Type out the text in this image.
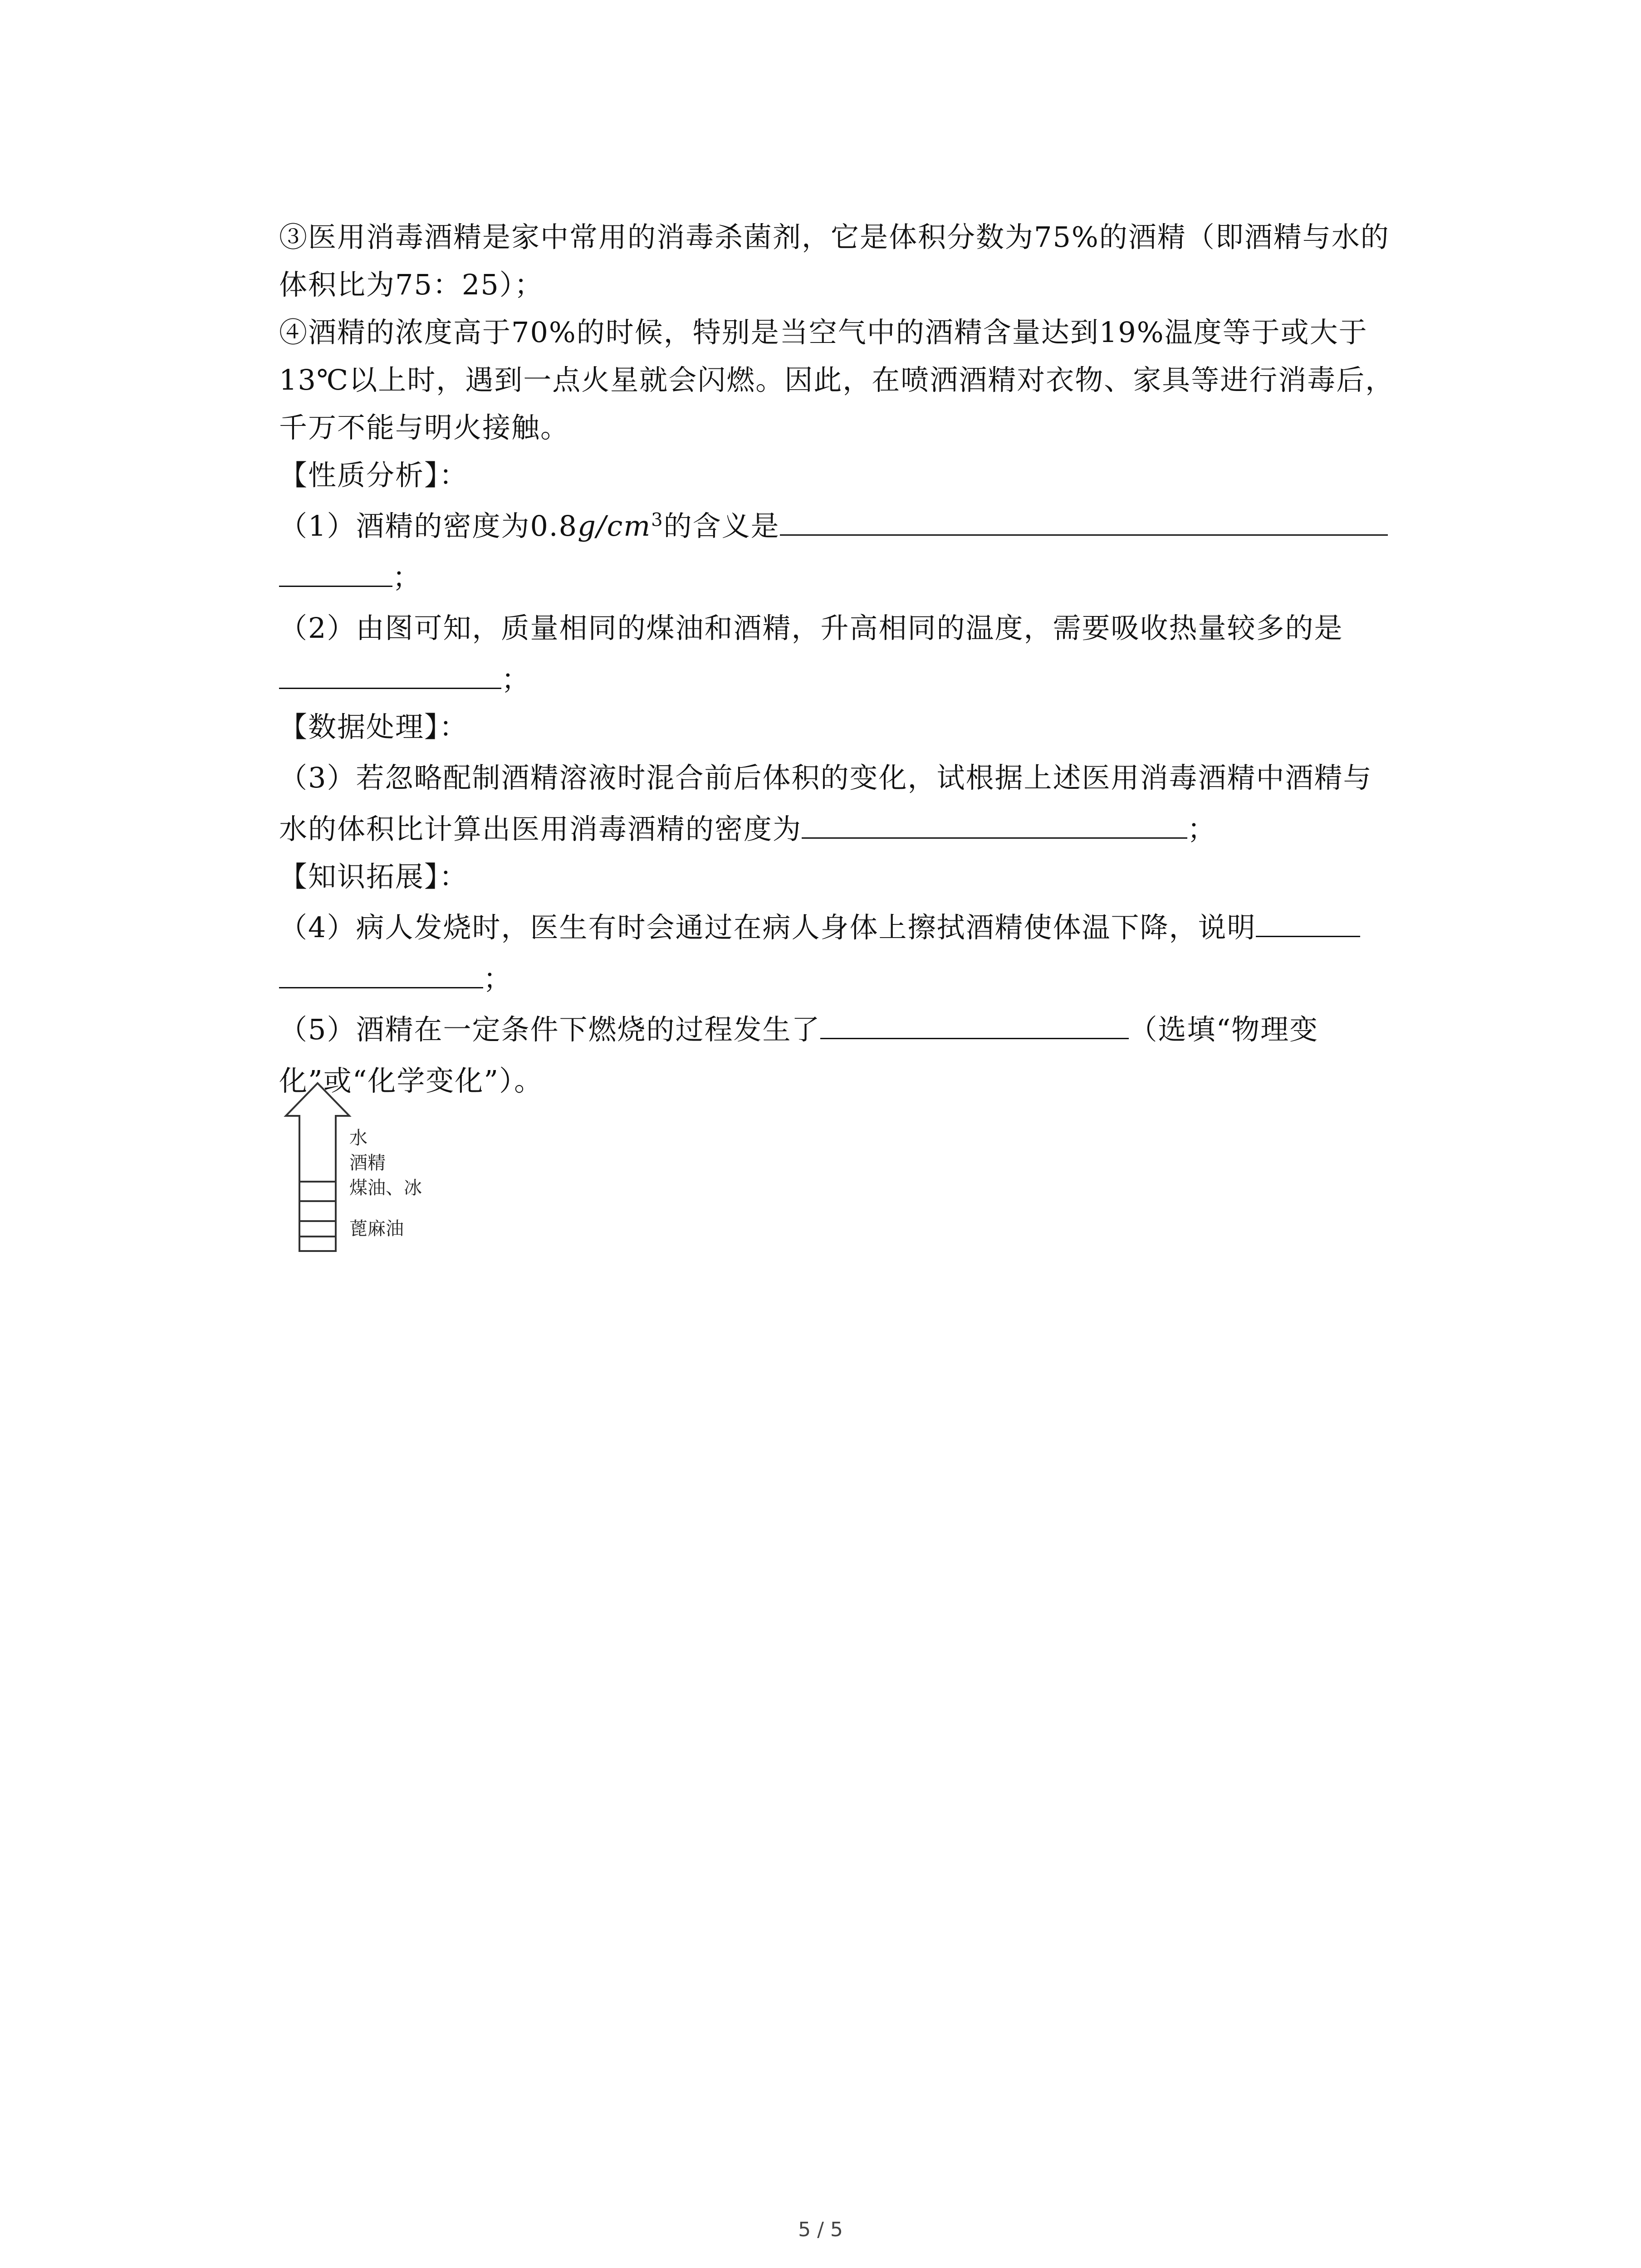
③医用消毒酒精是家中常用的消毒杀菌剂，它是体积分数为75%的酒精（即酒精与水的
体积比为75：25）；
④酒精的浓度高于70%的时候，特别是当空气中的酒精含量达到19%温度等于或大于
13℃以上时，遇到一点火星就会闪燃。因此，在喷洒酒精对衣物、家具等进行消毒后，
千万不能与明火接触。
【性质分析】：
（1）酒精的密度为$0.8g/cm^3$的含义是
；
（2）由图可知，质量相同的煤油和酒精，升高相同的温度，需要吸收热量较多的是
；
【数据处理】：
（3）若忽略配制酒精溶液时混合前后体积的变化，试根据上述医用消毒酒精中酒精与
水的体积比计算出医用消毒酒精的密度为	；
【知识拓展】：
（4）病人发烧时，医生有时会通过在病人身体上擦拭酒精使体温下降，说明
；
（5）酒精在一定条件下燃烧的过程发生了	（选填“物理变
化”或“化学变化”）。
水
酒精
煤油、冰
蓖麻油
5 / 5
